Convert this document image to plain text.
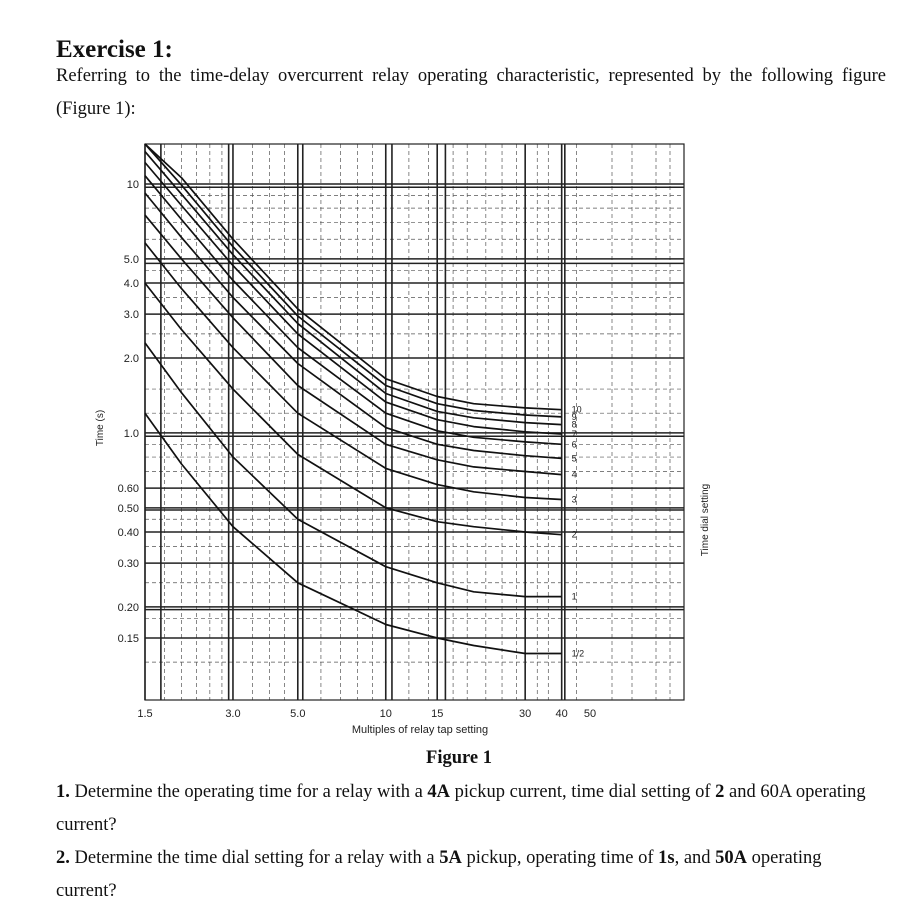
Exercise 1:
Referring to the time-delay overcurrent relay operating characteristic, represented by the following figure (Figure 1):
10
5.0
4.0
3.0
2.0
1.0
0.60
0.50
0.40
0.30
0.20
0.15
1.5	3.0	5.0	10	15	30 40 50
1/2
1
2
3
4
5
6
7
8
9
10
Time (s)
Multiples of relay tap setting
Time dial setting
Figure 1
1. Determine the operating time for a relay with a 4A pickup current, time dial setting of 2 and 60A operating current?
2. Determine the time dial setting for a relay with a 5A pickup, operating time of 1s, and 50A operating current?
